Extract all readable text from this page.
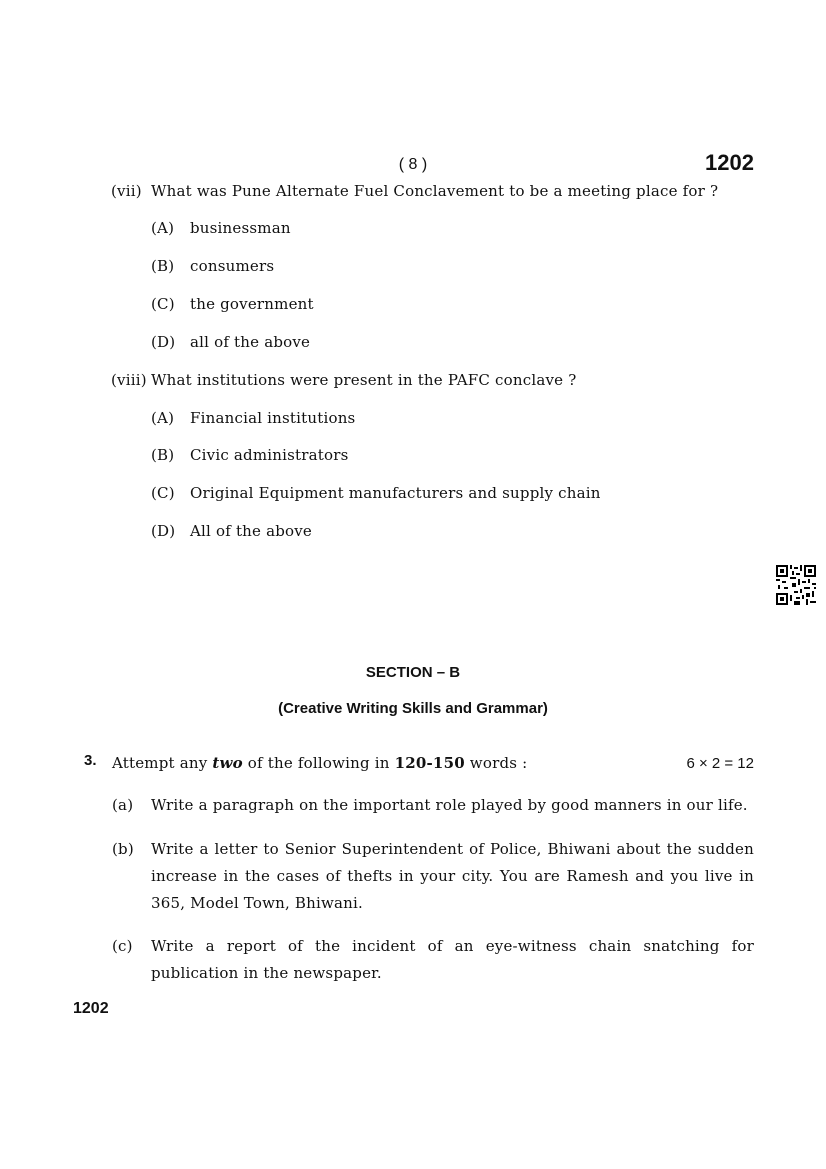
( 8 )	1202
(vii) What was Pune Alternate Fuel Conclavement to be a meeting place for ?
(A) businessman
(B) consumers
(C) the government
(D) all of the above
(viii) What institutions were present in the PAFC conclave ?
(A) Financial institutions
(B) Civic administrators
(C) Original Equipment manufacturers and supply chain
(D) All of the above
SECTION – B
(Creative Writing Skills and Grammar)
3. Attempt any two of the following in 120-150 words :	6 × 2 = 12
(a) Write a paragraph on the important role played by good manners in our life.
(b) Write a letter to Senior Superintendent of Police, Bhiwani about the sudden
increase in the cases of thefts in your city. You are Ramesh and you live in
365, Model Town, Bhiwani.
(c) Write a report of the incident of an eye-witness chain snatching for
publication in the newspaper.
1202
